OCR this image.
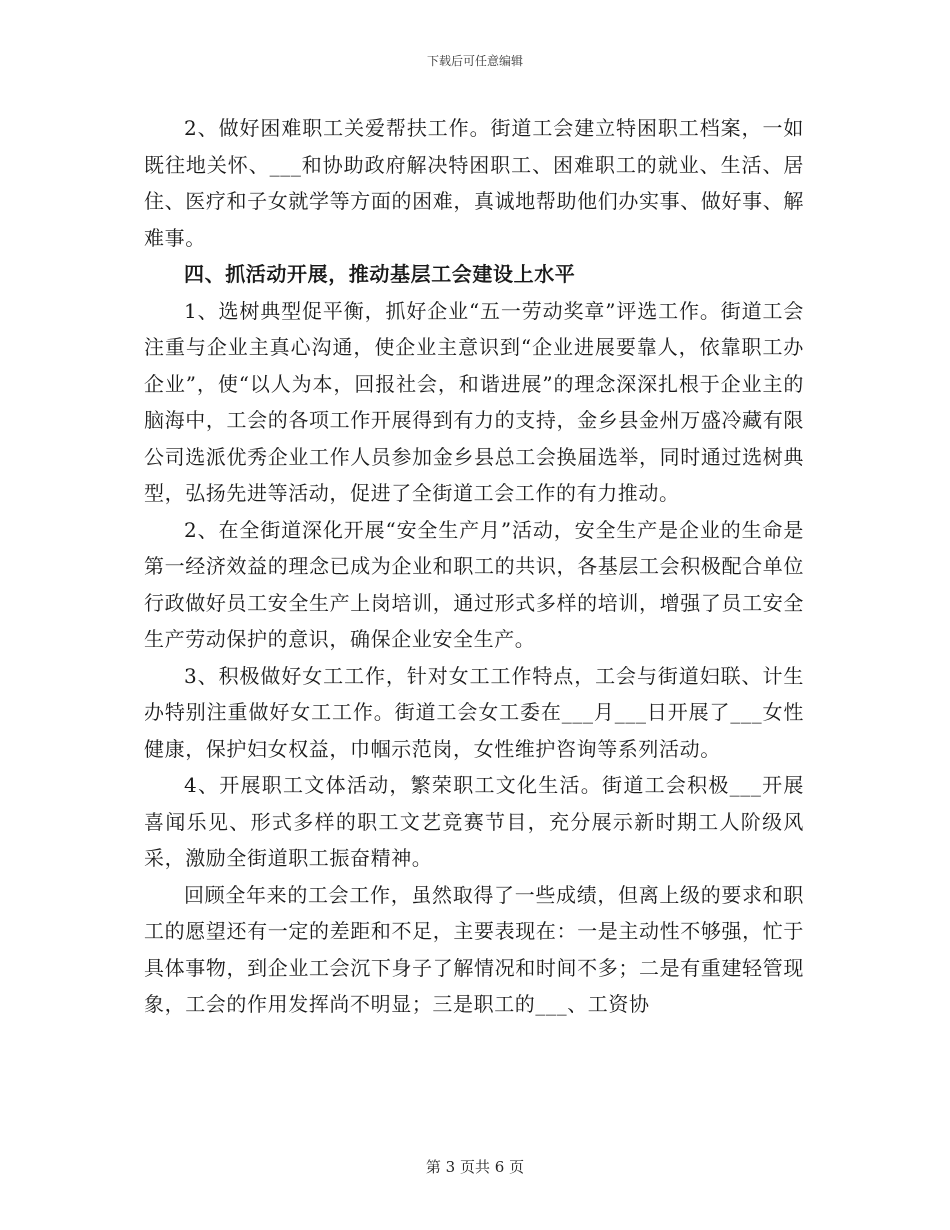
下载后可任意编辑

2、做好困难职工关爱帮扶工作。街道工会建立特困职工档案，一如既往地关怀、___和协助政府解决特困职工、困难职工的就业、生活、居住、医疗和子女就学等方面的困难，真诚地帮助他们办实事、做好事、解难事。

四、抓活动开展，推动基层工会建设上水平

1、选树典型促平衡，抓好企业“五一劳动奖章”评选工作。街道工会注重与企业主真心沟通，使企业主意识到“企业进展要靠人，依靠职工办企业”，使“以人为本，回报社会，和谐进展”的理念深深扎根于企业主的脑海中，工会的各项工作开展得到有力的支持，金乡县金州万盛冷藏有限公司选派优秀企业工作人员参加金乡县总工会换届选举，同时通过选树典型，弘扬先进等活动，促进了全街道工会工作的有力推动。

2、在全街道深化开展“安全生产月”活动，安全生产是企业的生命是第一经济效益的理念已成为企业和职工的共识，各基层工会积极配合单位行政做好员工安全生产上岗培训，通过形式多样的培训，增强了员工安全生产劳动保护的意识，确保企业安全生产。

3、积极做好女工工作，针对女工工作特点，工会与街道妇联、计生办特别注重做好女工工作。街道工会女工委在___月___日开展了___女性健康，保护妇女权益，巾帼示范岗，女性维护咨询等系列活动。

4、开展职工文体活动，繁荣职工文化生活。街道工会积极___开展喜闻乐见、形式多样的职工文艺竞赛节目，充分展示新时期工人阶级风采，激励全街道职工振奋精神。

回顾全年来的工会工作，虽然取得了一些成绩，但离上级的要求和职工的愿望还有一定的差距和不足，主要表现在：一是主动性不够强，忙于具体事物，到企业工会沉下身子了解情况和时间不多；二是有重建轻管现象，工会的作用发挥尚不明显；三是职工的___、工资协

第 3 页共 6 页
